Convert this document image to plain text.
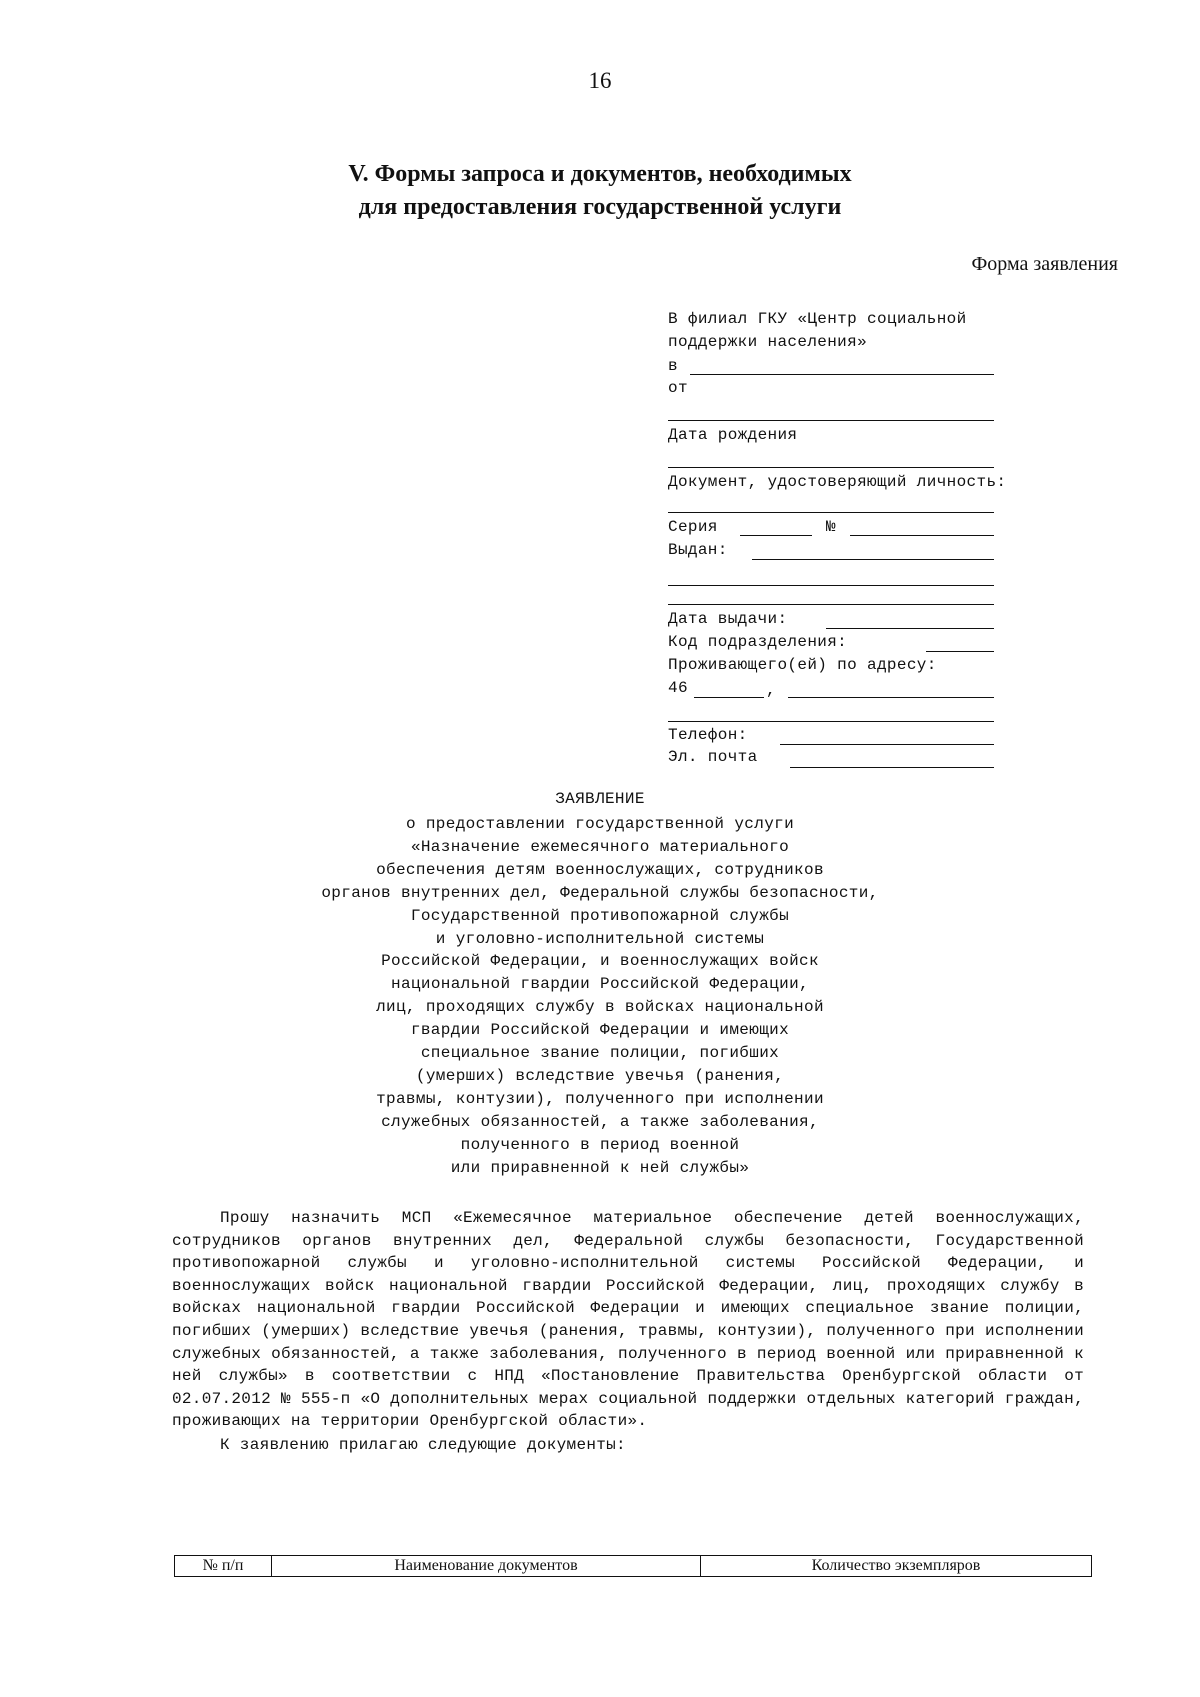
16
V. Формы запроса и документов, необходимых
для предоставления государственной услуги
Форма заявления
В филиал ГКУ «Центр социальной
поддержки населения»
в
от
Дата рождения
Документ, удостоверяющий личность:
Серия	№
Выдан:
Дата выдачи:
Код подразделения:
Проживающего(ей) по адресу:
46	,
Телефон:
Эл. почта
ЗАЯВЛЕНИЕ
о предоставлении государственной услуги
«Назначение ежемесячного материального
обеспечения детям военнослужащих, сотрудников
органов внутренних дел, Федеральной службы безопасности,
Государственной противопожарной службы
и уголовно-исполнительной системы
Российской Федерации, и военнослужащих войск
национальной гвардии Российской Федерации,
лиц, проходящих службу в войсках национальной
гвардии Российской Федерации и имеющих
специальное звание полиции, погибших
(умерших) вследствие увечья (ранения,
травмы, контузии), полученного при исполнении
служебных обязанностей, а также заболевания,
полученного в период военной
или приравненной к ней службы»
Прошу назначить МСП «Ежемесячное материальное обеспечение детей военнослужащих, сотрудников органов внутренних дел, Федеральной службы безопасности, Государственной противопожарной службы и уголовно-исполнительной системы Российской Федерации, и военнослужащих войск национальной гвардии Российской Федерации, лиц, проходящих службу в войсках национальной гвардии Российской Федерации и имеющих специальное звание полиции, погибших (умерших) вследствие увечья (ранения, травмы, контузии), полученного при исполнении служебных обязанностей, а также заболевания, полученного в период военной или приравненной к ней службы» в соответствии с НПД «Постановление Правительства Оренбургской области от 02.07.2012 № 555-п «О дополнительных мерах социальной поддержки отдельных категорий граждан, проживающих на территории Оренбургской области».
К заявлению прилагаю следующие документы:
№ п/п	Наименование документов	Количество экземпляров
